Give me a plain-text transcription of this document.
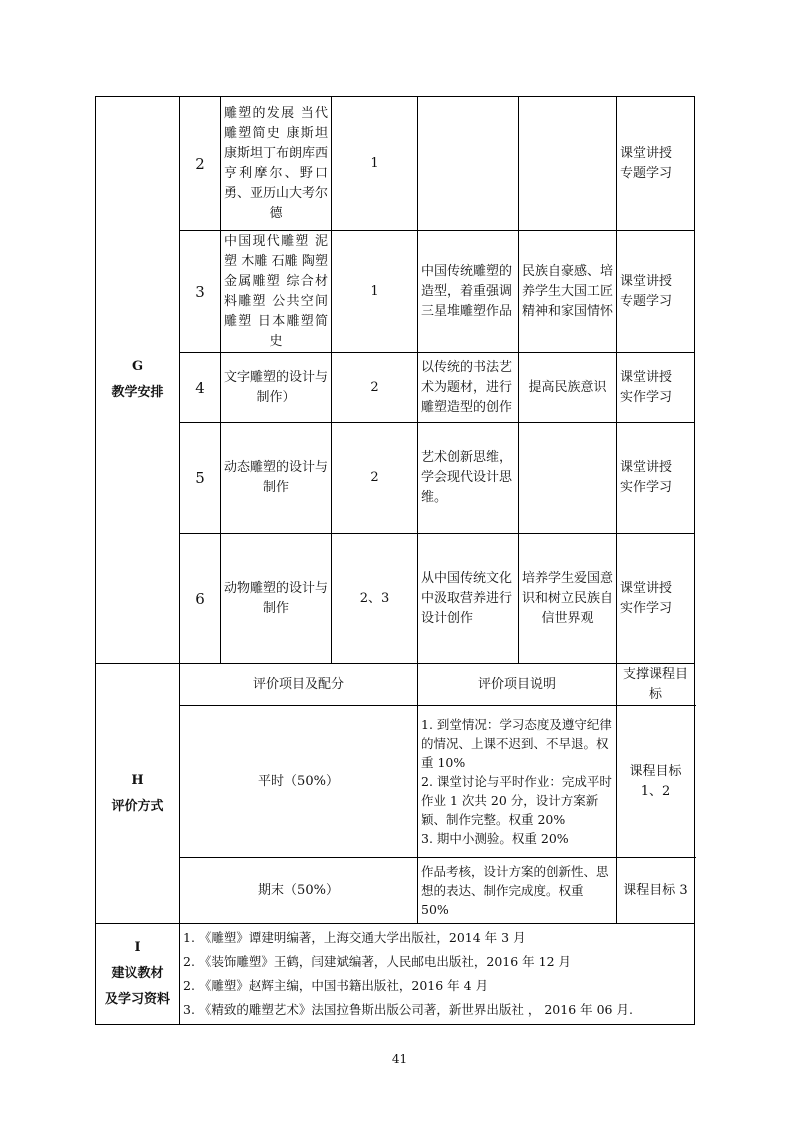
G
教学安排	2	雕塑的发展 当代雕塑简史 康斯坦康斯坦丁布朗库西 亨利摩尔、野口勇、亚历山大考尔德	1			课堂讲授
专题学习

	3	中国现代雕塑 泥塑 木雕 石雕 陶塑 金属雕塑 综合材料雕塑 公共空间雕塑 日本雕塑简史	1	中国传统雕塑的造型，着重强调三星堆雕塑作品	民族自豪感、培养学生大国工匠精神和家国情怀	课堂讲授
专题学习

	4	文字雕塑的设计与制作）	2	以传统的书法艺术为题材，进行雕塑造型的创作	提高民族意识	课堂讲授
实作学习

	5	动态雕塑的设计与制作	2	艺术创新思维，学会现代设计思维。		课堂讲授
实作学习

	6	动物雕塑的设计与制作	2、3	从中国传统文化中汲取营养进行设计创作	培养学生爱国意识和树立民族自信世界观	课堂讲授
实作学习

H
评价方式	评价项目及配分			评价项目说明		支撑课程目标
	平时（50%）			1. 到堂情况：学习态度及遵守纪律的情况、上课不迟到、不早退。权重 10%
2. 课堂讨论与平时作业：完成平时作业 1 次共 20 分，设计方案新颖、制作完整。权重 20%
3. 期中小测验。权重 20%		课程目标 1、2
	期末（50%）			作品考核，设计方案的创新性、思想的表达、制作完成度。权重 50%		课程目标 3

I
建议教材
及学习资料	1. 《雕塑》谭建明编著，上海交通大学出版社，2014 年 3 月
2. 《装饰雕塑》王鹤，闫建斌编著，人民邮电出版社，2016 年 12 月
2. 《雕塑》赵辉主编，中国书籍出版社，2016 年 4 月
3. 《精致的雕塑艺术》法国拉鲁斯出版公司著，新世界出版社 ， 2016 年 06 月.					
41
